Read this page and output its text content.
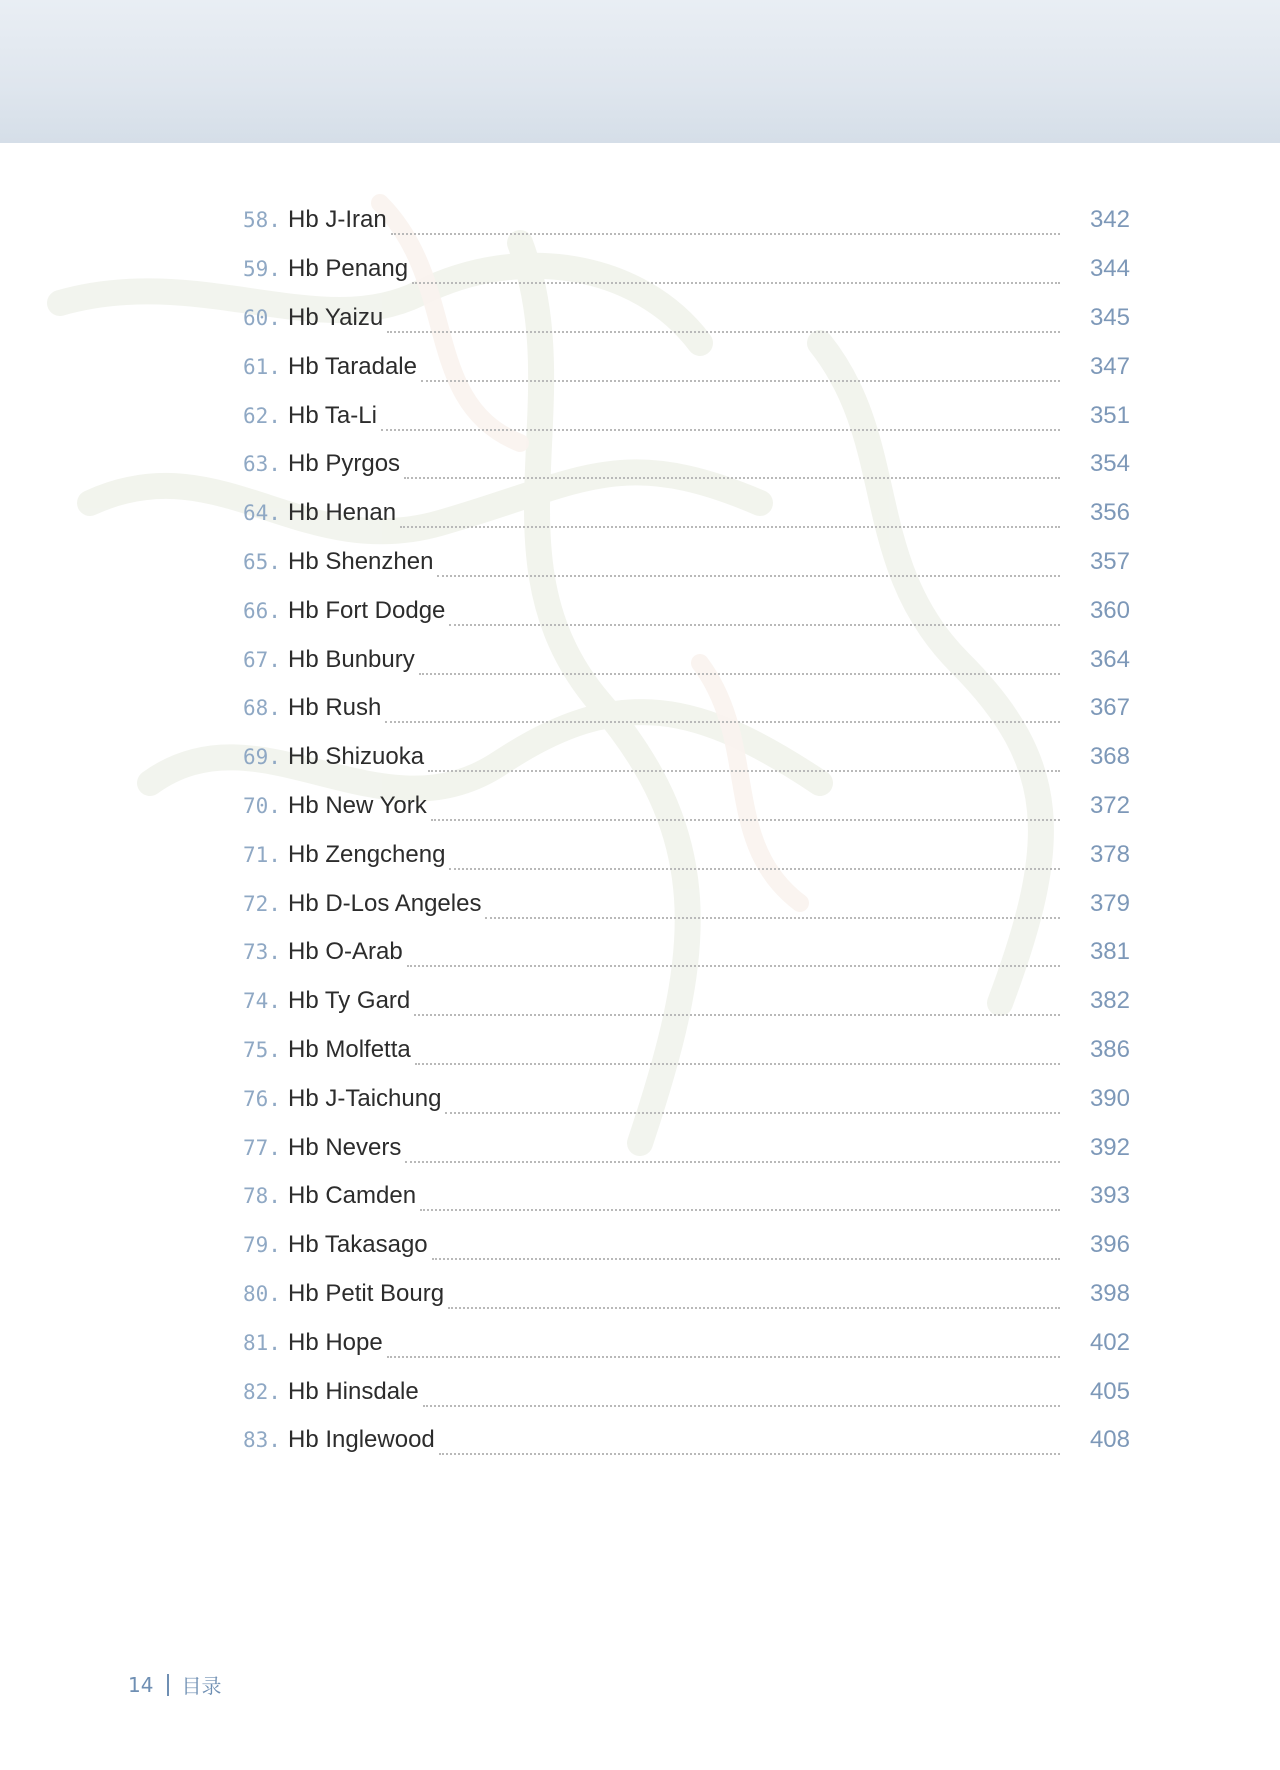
58. Hb J-Iran	342
59. Hb Penang	344
60. Hb Yaizu	345
61. Hb Taradale	347
62. Hb Ta-Li	351
63. Hb Pyrgos	354
64. Hb Henan	356
65. Hb Shenzhen	357
66. Hb Fort Dodge	360
67. Hb Bunbury	364
68. Hb Rush	367
69. Hb Shizuoka	368
70. Hb New York	372
71. Hb Zengcheng	378
72. Hb D-Los Angeles	379
73. Hb O-Arab	381
74. Hb Ty Gard	382
75. Hb Molfetta	386
76. Hb J-Taichung	390
77. Hb Nevers	392
78. Hb Camden	393
79. Hb Takasago	396
80. Hb Petit Bourg	398
81. Hb Hope	402
82. Hb Hinsdale	405
83. Hb Inglewood	408
14 目录
